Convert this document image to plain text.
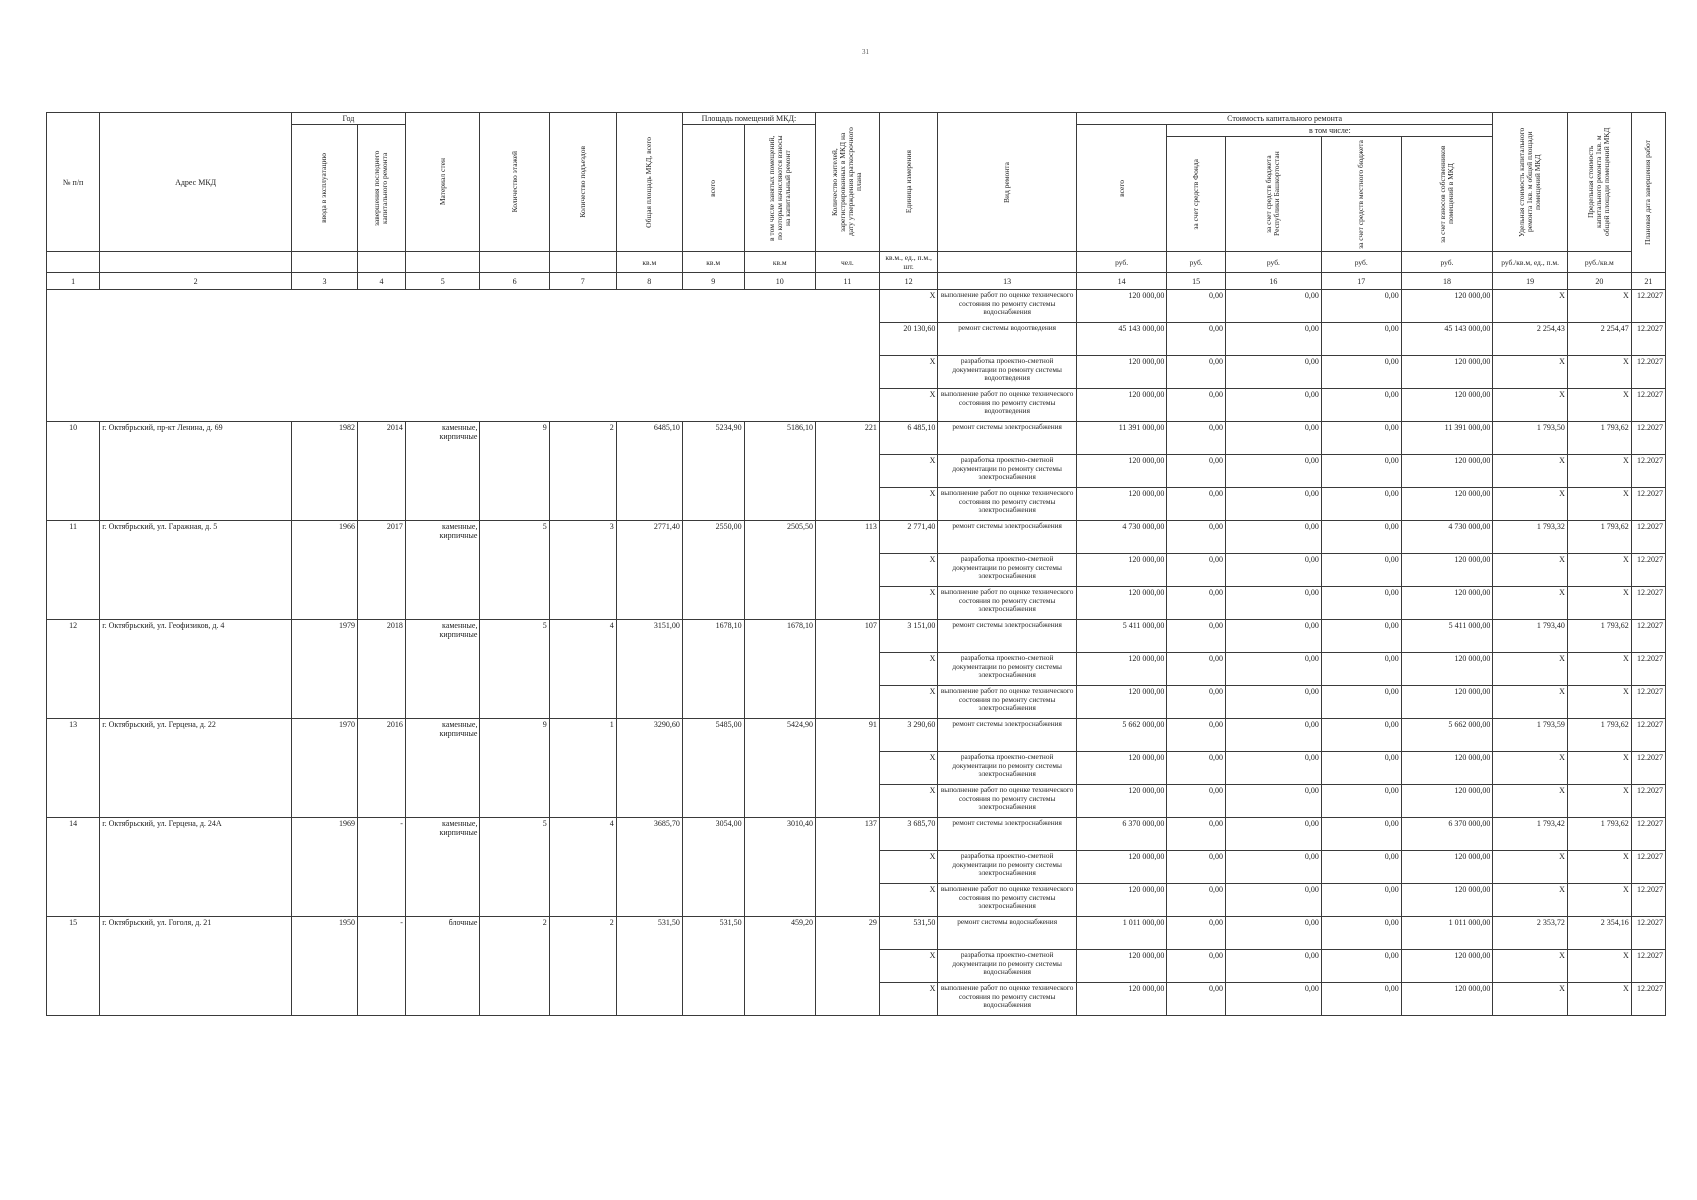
31
№ п/п	Адрес МКД	Год		Материал стен	Количество этажей	Количество подъездов	Общая площадь МКД, всего	Площадь помещений МКД:		Количество жителей, зарегистрированных в МКД на дату утверждения краткосрочного плана	Единица измерения	Вид ремонта	Стоимость капитального ремонта					Удельная стоимость капитального ремонта 1кв. м общей площади помещений МКД	Предельная стоимость капитального ремонта 1кв. м общей площади помещений МКД	Плановая дата завершения работ

		ввода в эксплуатацию	завершения последнего капитального ремонта					всего	в том числе занятых помещений, по которым начисляются взносы на капитальный ремонт				всего	в том числе:						

														за счет средств Фонда	за счет средств бюджета Республики Башкортостан	за счет средств местного бюджета	за счет взносов собственников помещений в МКД			

							кв.м	кв.м	кв.м	чел.	кв.м., ед., п.м., шт.		руб.	руб.	руб.	руб.	руб.	руб./кв.м, ед., п.м.	руб./кв.м	
1	2	3	4	5	6	7	8	9	10	11	12	13	14	15	16	17	18	19	20	21
											X	выполнение работ по оценке технического состояния по ремонту системы водоснабжения	120 000,00	0,00	0,00	0,00	120 000,00	X	X	12.2027
											20 130,60	ремонт системы водоотведения	45 143 000,00	0,00	0,00	0,00	45 143 000,00	2 254,43	2 254,47	12.2027
											X	разработка проектно-сметной документации по ремонту системы водоотведения	120 000,00	0,00	0,00	0,00	120 000,00	X	X	12.2027
											X	выполнение работ по оценке технического состояния по ремонту системы водоотведения	120 000,00	0,00	0,00	0,00	120 000,00	X	X	12.2027
10	г. Октябрьский, пр-кт Ленина, д. 69	1982	2014	каменные, кирпичные	9	2	6485,10	5234,90	5186,10	221	6 485,10	ремонт системы электроснабжения	11 391 000,00	0,00	0,00	0,00	11 391 000,00	1 793,50	1 793,62	12.2027
											X	разработка проектно-сметной документации по ремонту системы электроснабжения	120 000,00	0,00	0,00	0,00	120 000,00	X	X	12.2027
											X	выполнение работ по оценке технического состояния по ремонту системы электроснабжения	120 000,00	0,00	0,00	0,00	120 000,00	X	X	12.2027
11	г. Октябрьский, ул. Гаражная, д. 5	1966	2017	каменные, кирпичные	5	3	2771,40	2550,00	2505,50	113	2 771,40	ремонт системы электроснабжения	4 730 000,00	0,00	0,00	0,00	4 730 000,00	1 793,32	1 793,62	12.2027
											X	разработка проектно-сметной документации по ремонту системы электроснабжения	120 000,00	0,00	0,00	0,00	120 000,00	X	X	12.2027
											X	выполнение работ по оценке технического состояния по ремонту системы электроснабжения	120 000,00	0,00	0,00	0,00	120 000,00	X	X	12.2027
12	г. Октябрьский, ул. Геофизиков, д. 4	1979	2018	каменные, кирпичные	5	4	3151,00	1678,10	1678,10	107	3 151,00	ремонт системы электроснабжения	5 411 000,00	0,00	0,00	0,00	5 411 000,00	1 793,40	1 793,62	12.2027
											X	разработка проектно-сметной документации по ремонту системы электроснабжения	120 000,00	0,00	0,00	0,00	120 000,00	X	X	12.2027
											X	выполнение работ по оценке технического состояния по ремонту системы электроснабжения	120 000,00	0,00	0,00	0,00	120 000,00	X	X	12.2027
13	г. Октябрьский, ул. Герцена, д. 22	1970	2016	каменные, кирпичные	9	1	3290,60	5485,00	5424,90	91	3 290,60	ремонт системы электроснабжения	5 662 000,00	0,00	0,00	0,00	5 662 000,00	1 793,59	1 793,62	12.2027
											X	разработка проектно-сметной документации по ремонту системы электроснабжения	120 000,00	0,00	0,00	0,00	120 000,00	X	X	12.2027
											X	выполнение работ по оценке технического состояния по ремонту системы электроснабжения	120 000,00	0,00	0,00	0,00	120 000,00	X	X	12.2027
14	г. Октябрьский, ул. Герцена, д. 24А	1969	-	каменные, кирпичные	5	4	3685,70	3054,00	3010,40	137	3 685,70	ремонт системы электроснабжения	6 370 000,00	0,00	0,00	0,00	6 370 000,00	1 793,42	1 793,62	12.2027
											X	разработка проектно-сметной документации по ремонту системы электроснабжения	120 000,00	0,00	0,00	0,00	120 000,00	X	X	12.2027
											X	выполнение работ по оценке технического состояния по ремонту системы электроснабжения	120 000,00	0,00	0,00	0,00	120 000,00	X	X	12.2027
15	г. Октябрьский, ул. Гоголя, д. 21	1950	-	блочные	2	2	531,50	531,50	459,20	29	531,50	ремонт системы водоснабжения	1 011 000,00	0,00	0,00	0,00	1 011 000,00	2 353,72	2 354,16	12.2027
											X	разработка проектно-сметной документации по ремонту системы водоснабжения	120 000,00	0,00	0,00	0,00	120 000,00	X	X	12.2027
											X	выполнение работ по оценке технического состояния по ремонту системы водоснабжения	120 000,00	0,00	0,00	0,00	120 000,00	X	X	12.2027
